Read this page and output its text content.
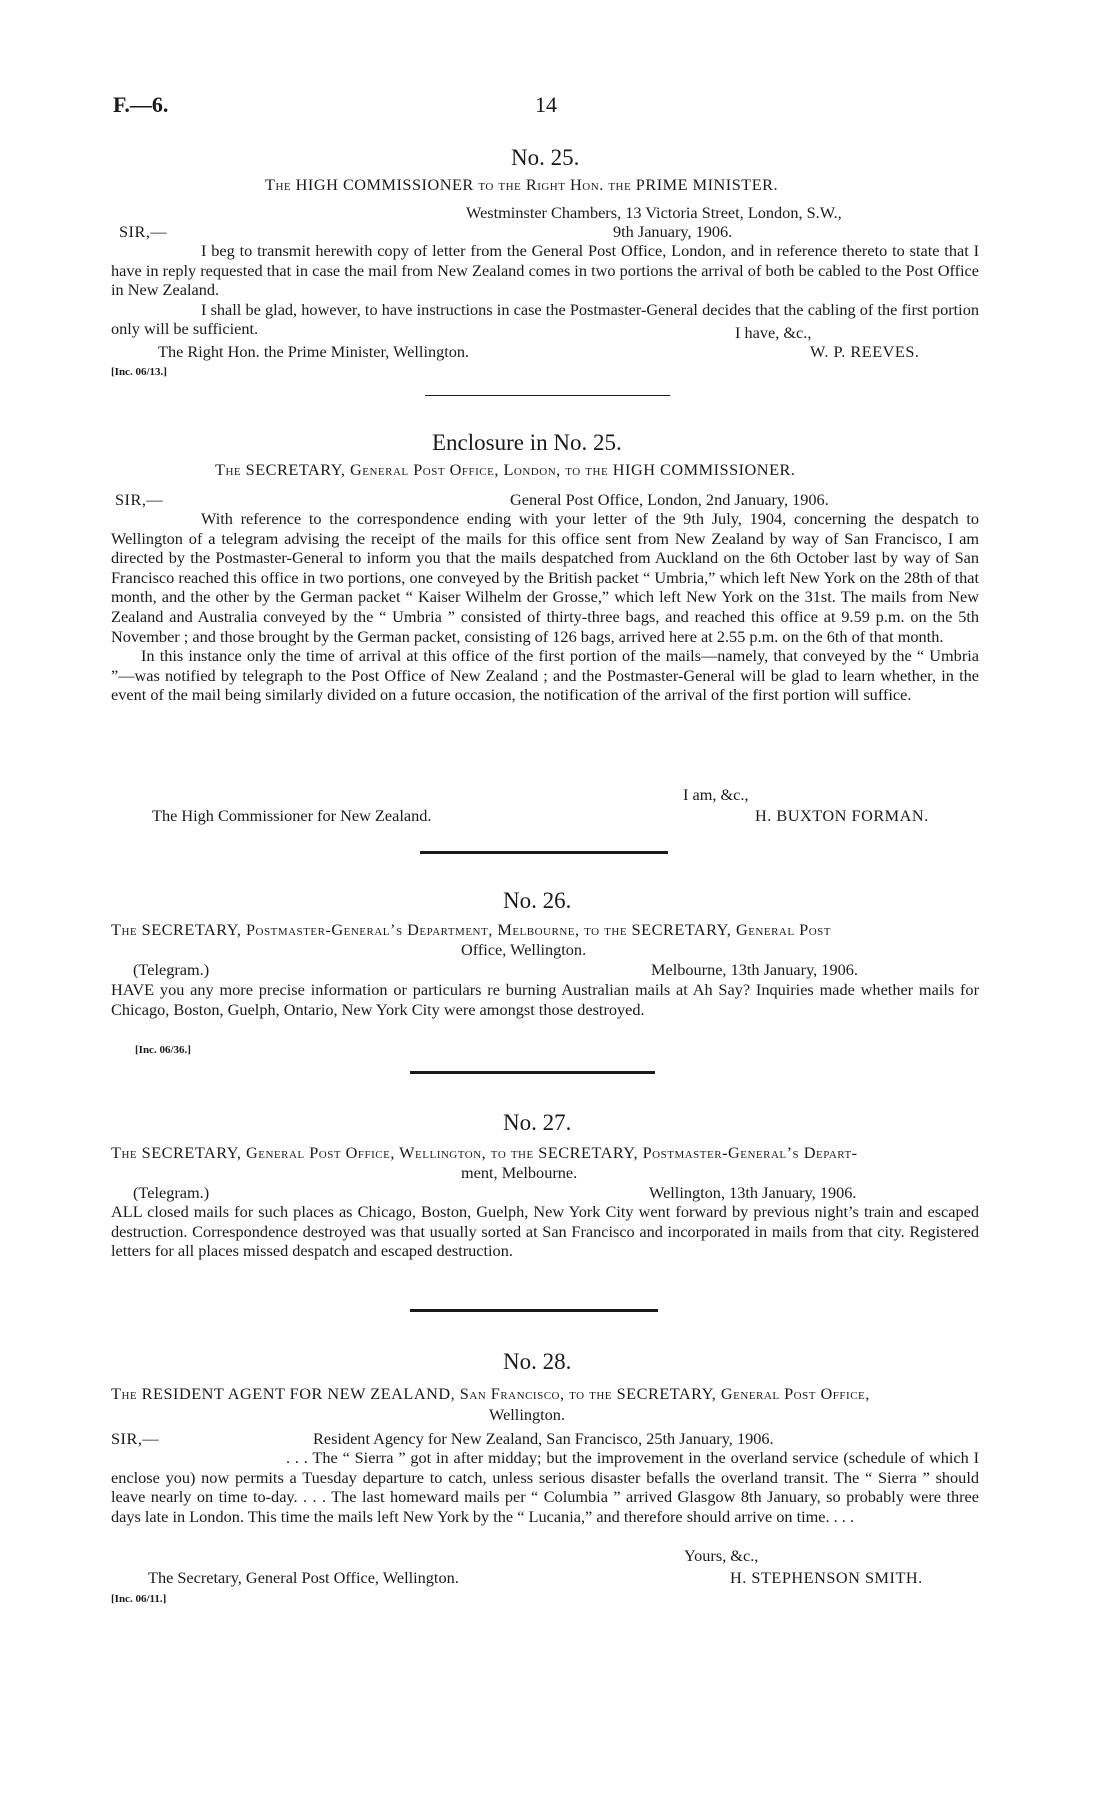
F.—6.	14
No. 25.
The HIGH COMMISSIONER to the Right Hon. the PRIME MINISTER.
Westminster Chambers, 13 Victoria Street, London, S.W.,
SIR,—	9th January, 1906.

I beg to transmit herewith copy of letter from the General Post Office, London, and in reference thereto to state that I have in reply requested that in case the mail from New Zealand comes in two portions the arrival of both be cabled to the Post Office in New Zealand.

I shall be glad, however, to have instructions in case the Postmaster-General decides that the cabling of the first portion only will be sufficient.	I have, &c.,
The Right Hon. the Prime Minister, Wellington.	W. P. REEVES.
[Inc. 06/13.]
Enclosure in No. 25.
The SECRETARY, General Post Office, London, to the HIGH COMMISSIONER.
SIR,—	General Post Office, London, 2nd January, 1906.

With reference to the correspondence ending with your letter of the 9th July, 1904, concerning the despatch to Wellington of a telegram advising the receipt of the mails for this office sent from New Zealand by way of San Francisco, I am directed by the Postmaster-General to inform you that the mails despatched from Auckland on the 6th October last by way of San Francisco reached this office in two portions, one conveyed by the British packet “ Umbria,” which left New York on the 28th of that month, and the other by the German packet “ Kaiser Wilhelm der Grosse,” which left New York on the 31st. The mails from New Zealand and Australia conveyed by the “ Umbria ” consisted of thirty-three bags, and reached this office at 9.59 p.m. on the 5th November ; and those brought by the German packet, consisting of 126 bags, arrived here at 2.55 p.m. on the 6th of that month.

In this instance only the time of arrival at this office of the first portion of the mails—namely, that conveyed by the “ Umbria ”—was notified by telegraph to the Post Office of New Zealand ; and the Postmaster-General will be glad to learn whether, in the event of the mail being similarly divided on a future occasion, the notification of the arrival of the first portion will suffice.

I am, &c.,
The High Commissioner for New Zealand.	H. BUXTON FORMAN.
No. 26.
The SECRETARY, Postmaster-General’s Department, Melbourne, to the SECRETARY, General Post
Office, Wellington.
(Telegram.)	Melbourne, 13th January, 1906.
HAVE you any more precise information or particulars re burning Australian mails at Ah Say? Inquiries made whether mails for Chicago, Boston, Guelph, Ontario, New York City were amongst those destroyed.
[Inc. 06/36.]
No. 27.
The SECRETARY, General Post Office, Wellington, to the SECRETARY, Postmaster-General’s Depart-
ment, Melbourne.
(Telegram.)	Wellington, 13th January, 1906.
ALL closed mails for such places as Chicago, Boston, Guelph, New York City went forward by previous night’s train and escaped destruction. Correspondence destroyed was that usually sorted at San Francisco and incorporated in mails from that city. Registered letters for all places missed despatch and escaped destruction.
No. 28.
The RESIDENT AGENT FOR NEW ZEALAND, San Francisco, to the SECRETARY, General Post Office,
Wellington.
SIR,—	Resident Agency for New Zealand, San Francisco, 25th January, 1906.
. . . The “ Sierra ” got in after midday; but the improvement in the overland service (schedule of which I enclose you) now permits a Tuesday departure to catch, unless serious disaster befalls the overland transit. The “ Sierra ” should leave nearly on time to-day. . . . The last homeward mails per “ Columbia ” arrived Glasgow 8th January, so probably were three days late in London. This time the mails left New York by the “ Lucania,” and therefore should arrive on time. . . .
Yours, &c.,
The Secretary, General Post Office, Wellington.	H. STEPHENSON SMITH.
[Inc. 06/11.]
